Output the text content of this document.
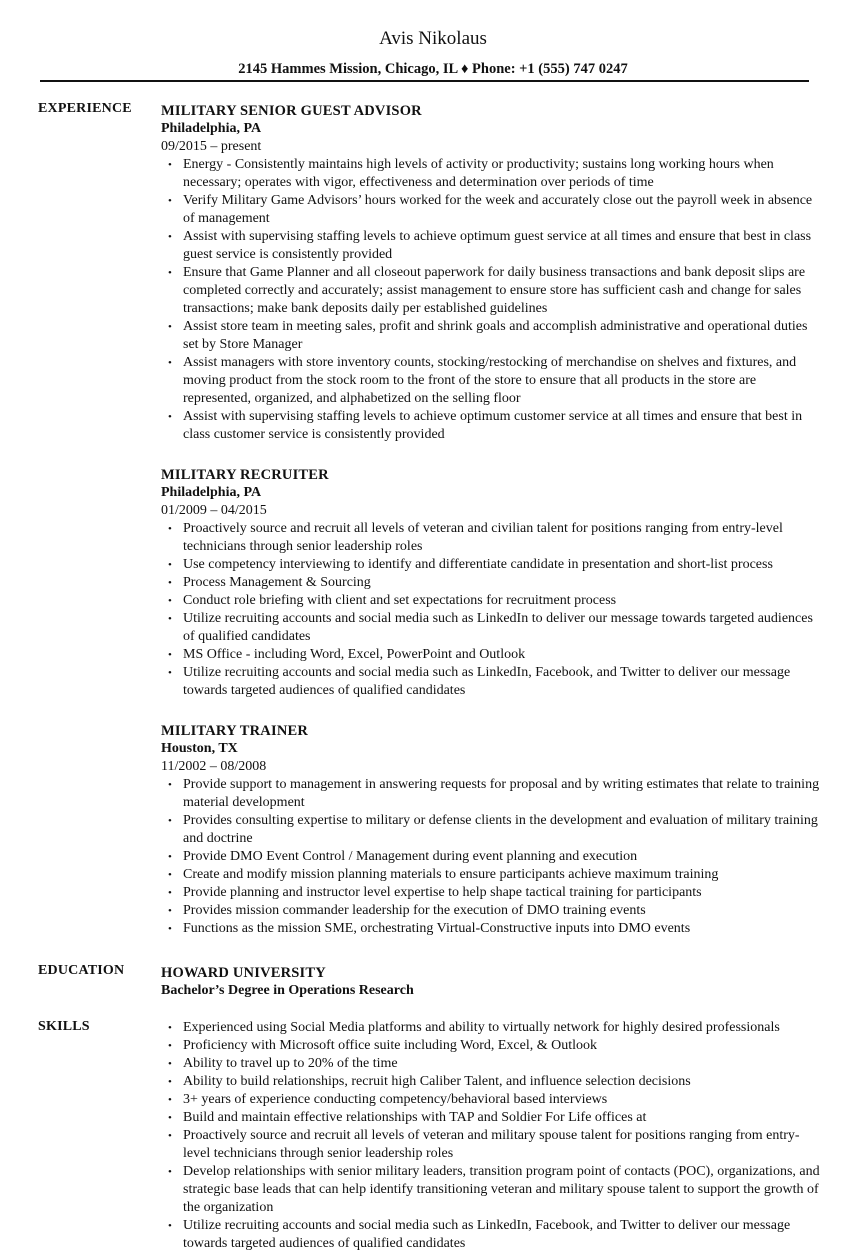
Avis Nikolaus
2145 Hammes Mission, Chicago, IL ♦ Phone: +1 (555) 747 0247
EXPERIENCE MILITARY SENIOR GUEST ADVISOR
Philadelphia, PA
09/2015 – present
• Energy - Consistently maintains high levels of activity or productivity; sustains long working hours when necessary; operates with vigor, effectiveness and determination over periods of time
• Verify Military Game Advisors’ hours worked for the week and accurately close out the payroll week in absence of management
• Assist with supervising staffing levels to achieve optimum guest service at all times and ensure that best in class guest service is consistently provided
• Ensure that Game Planner and all closeout paperwork for daily business transactions and bank deposit slips are completed correctly and accurately; assist management to ensure store has sufficient cash and change for sales transactions; make bank deposits daily per established guidelines
• Assist store team in meeting sales, profit and shrink goals and accomplish administrative and operational duties set by Store Manager
• Assist managers with store inventory counts, stocking/restocking of merchandise on shelves and fixtures, and moving product from the stock room to the front of the store to ensure that all products in the store are represented, organized, and alphabetized on the selling floor
• Assist with supervising staffing levels to achieve optimum customer service at all times and ensure that best in class customer service is consistently provided
MILITARY RECRUITER
Philadelphia, PA
01/2009 – 04/2015
• Proactively source and recruit all levels of veteran and civilian talent for positions ranging from entry-level technicians through senior leadership roles
• Use competency interviewing to identify and differentiate candidate in presentation and short-list process
• Process Management & Sourcing
• Conduct role briefing with client and set expectations for recruitment process
• Utilize recruiting accounts and social media such as LinkedIn to deliver our message towards targeted audiences of qualified candidates
• MS Office - including Word, Excel, PowerPoint and Outlook
• Utilize recruiting accounts and social media such as LinkedIn, Facebook, and Twitter to deliver our message towards targeted audiences of qualified candidates
MILITARY TRAINER
Houston, TX
11/2002 – 08/2008
• Provide support to management in answering requests for proposal and by writing estimates that relate to training material development
• Provides consulting expertise to military or defense clients in the development and evaluation of military training and doctrine
• Provide DMO Event Control / Management during event planning and execution
• Create and modify mission planning materials to ensure participants achieve maximum training
• Provide planning and instructor level expertise to help shape tactical training for participants
• Provides mission commander leadership for the execution of DMO training events
• Functions as the mission SME, orchestrating Virtual-Constructive inputs into DMO events
EDUCATION	HOWARD UNIVERSITY
Bachelor’s Degree in Operations Research
SKILLS
•	Experienced using Social Media platforms and ability to virtually network for highly desired professionals
• Proficiency with Microsoft office suite including Word, Excel, & Outlook
• Ability to travel up to 20% of the time
• Ability to build relationships, recruit high Caliber Talent, and influence selection decisions
• 3+ years of experience conducting competency/behavioral based interviews
• Build and maintain effective relationships with TAP and Soldier For Life offices at
• Proactively source and recruit all levels of veteran and military spouse talent for positions ranging from entry-level technicians through senior leadership roles
• Develop relationships with senior military leaders, transition program point of contacts (POC), organizations, and strategic base leads that can help identify transitioning veteran and military spouse talent to support the growth of the organization
• Utilize recruiting accounts and social media such as LinkedIn, Facebook, and Twitter to deliver our message towards targeted audiences of qualified candidates
